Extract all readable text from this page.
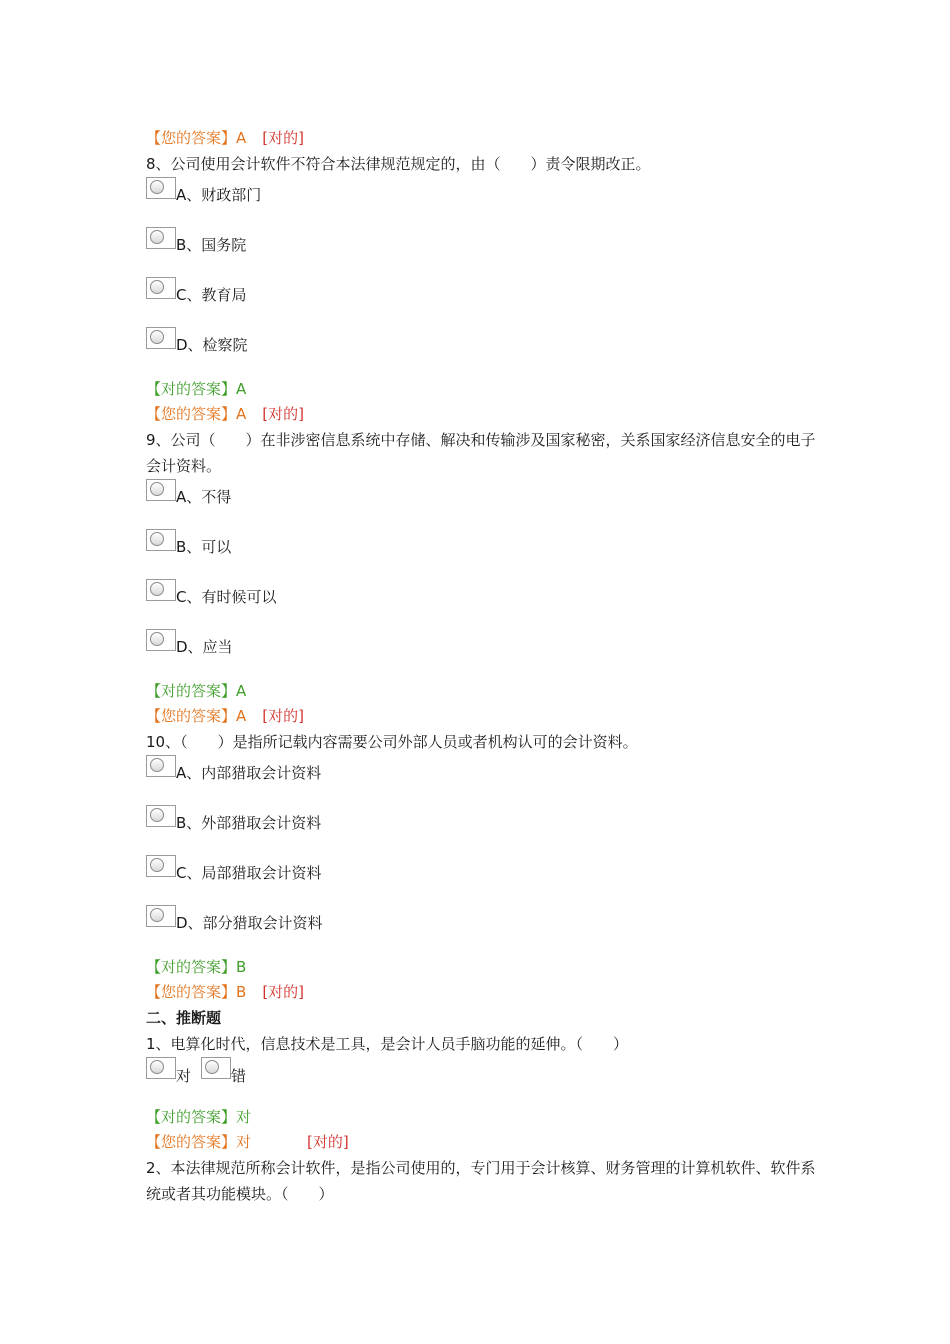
【您的答案】A [对的]
8、公司使用会计软件不符合本法律规范规定的，由（　　）责令限期改正。
A、财政部门
B、国务院
C、教育局
D、检察院
【对的答案】A
【您的答案】A [对的]
9、公司（　　）在非涉密信息系统中存储、解决和传输涉及国家秘密，关系国家经济信息安全的电子会计资料。
A、不得
B、可以
C、有时候可以
D、应当
【对的答案】A
【您的答案】A [对的]
10、（　　）是指所记载内容需要公司外部人员或者机构认可的会计资料。
A、内部猎取会计资料
B、外部猎取会计资料
C、局部猎取会计资料
D、部分猎取会计资料
【对的答案】B
【您的答案】B [对的]
二、推断题
1、电算化时代，信息技术是工具，是会计人员手脑功能的延伸。（　　）
对	错
【对的答案】对
【您的答案】对	[对的]
2、本法律规范所称会计软件，是指公司使用的，专门用于会计核算、财务管理的计算机软件、软件系统或者其功能模块。（　　）
